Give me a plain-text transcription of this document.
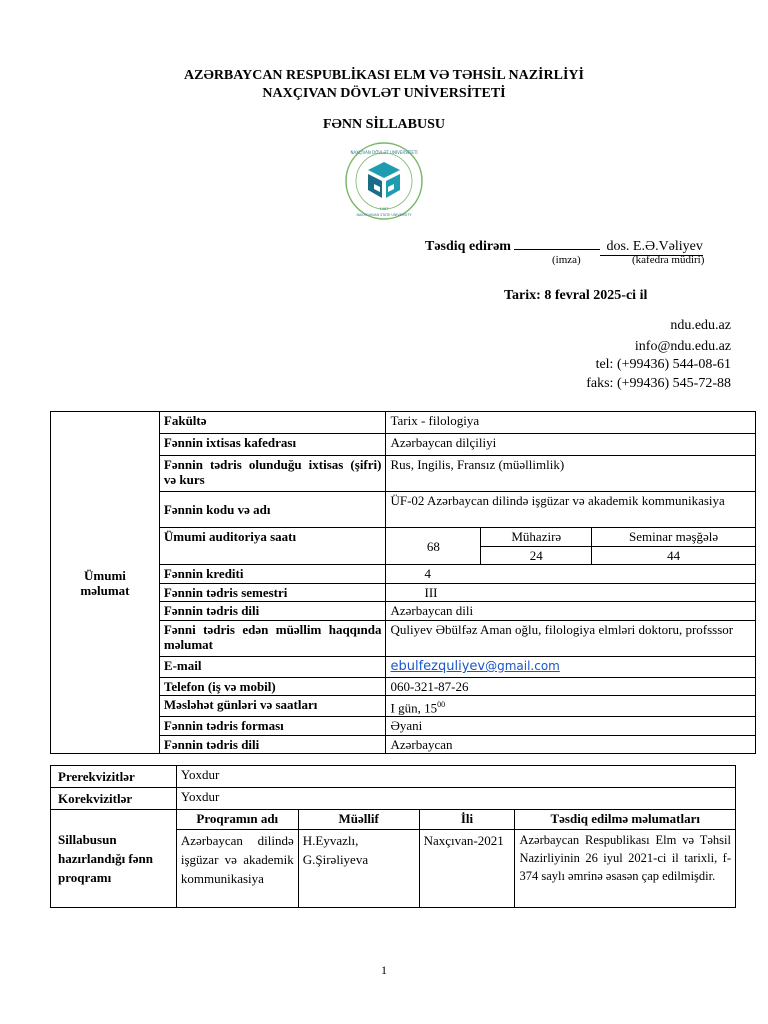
AZƏRBAYCAN RESPUBLİKASI ELM VƏ TƏHSİL NAZİRLİYİ
NAXÇIVAN DÖVLƏT UNİVERSİTETİ
FƏNN SİLLABUSU
NAXÇIVAN DÖVLƏT UNİVERSİTETİ
1967
NAKHCHIVAN STATE UNIVERSITY
Təsdiq edirəm	dos. E.Ə.Vəliyev
(imza)	(kafedra müdiri)
Tarix: 8 fevral 2025-ci il
ndu.edu.az
info@ndu.edu.az
tel: (+99436) 544-08-61
faks: (+99436) 545-72-88
Ümumi məlumat	Fakültə	Tarix - filologiya		
	Fənnin ixtisas kafedrası	Azərbaycan dilçiliyi		
	Fənnin tədris olunduğu ixtisas (şifri) və kurs	Rus, Ingilis, Fransız (müəllimlik)		
	Fənnin kodu və adı	ÜF-02 Azərbaycan dilində işgüzar və akademik kommunikasiya		
	Ümumi auditoriya saatı	68	Mühazirə	Seminar məşğələ
			24	44
	Fənnin krediti	4		
	Fənnin tədris semestri	III		
	Fənnin tədris dili	Azərbaycan dili		
	Fənni tədris edən müəllim haqqında məlumat	Quliyev Əbülfəz Aman oğlu, filologiya elmləri doktoru, profsssor		
	E-mail	ebulfezquliyev@gmail.com		
	Telefon (iş və mobil)	060-321-87-26		
	Məsləhət günləri və saatları	I gün, $15^{00}$
	Fənnin tədris forması	Əyani		
	Fənnin tədris dili	Azərbaycan		
Prerekvizitlər	Yoxdur			
Korekvizitlər	Yoxdur			
Sillabusun hazırlandığı fənn proqramı	Proqramın adı	Müəllif	İli	Təsdiq edilmə məlumatları
	Azərbaycan dilində işgüzar və akademik kommunikasiya	H.Eyvazlı, G.Şirəliyeva	Naxçıvan-2021	Azərbaycan Respublikası Elm və Təhsil Nazirliyinin 26 iyul 2021-ci il tarixli, f-374 saylı əmrinə əsasən çap edilmişdir.
1
